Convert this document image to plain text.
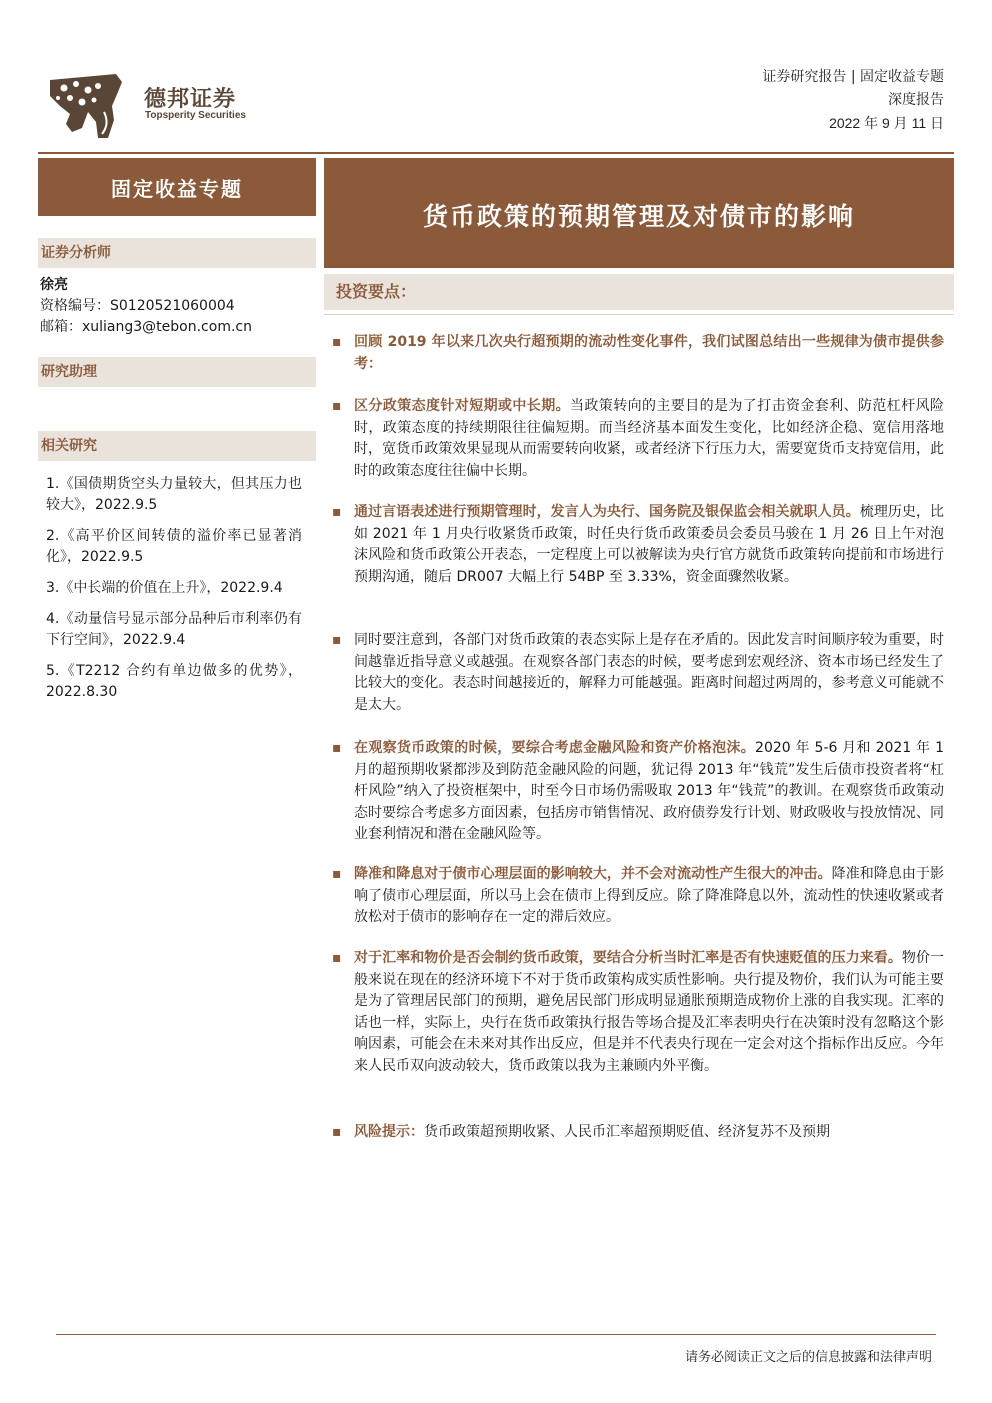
德邦证券
Topsperity Securities
证券研究报告 | 固定收益专题
深度报告
2022 年 9 月 11 日
固定收益专题
证券分析师
徐亮
资格编号：S0120521060004
邮箱：xuliang3@tebon.com.cn
研究助理
相关研究
1.《国债期货空头力量较大，但其压力也较大》，2022.9.5
2.《高平价区间转债的溢价率已显著消化》，2022.9.5
3.《中长端的价值在上升》，2022.9.4
4.《动量信号显示部分品种后市利率仍有下行空间》，2022.9.4
5.《T2212 合约有单边做多的优势》，2022.8.30
货币政策的预期管理及对债市的影响
投资要点：
▪ 回顾 2019 年以来几次央行超预期的流动性变化事件，我们试图总结出一些规律为债市提供参考：
▪ 区分政策态度针对短期或中长期。当政策转向的主要目的是为了打击资金套利、防范杠杆风险时，政策态度的持续期限往往偏短期。而当经济基本面发生变化，比如经济企稳、宽信用落地时，宽货币政策效果显现从而需要转向收紧，或者经济下行压力大，需要宽货币支持宽信用，此时的政策态度往往偏中长期。
▪ 通过言语表述进行预期管理时，发言人为央行、国务院及银保监会相关就职人员。梳理历史，比如 2021 年 1 月央行收紧货币政策，时任央行货币政策委员会委员马骏在 1 月 26 日上午对泡沫风险和货币政策公开表态，一定程度上可以被解读为央行官方就货币政策转向提前和市场进行预期沟通，随后 DR007 大幅上行 54BP 至 3.33%，资金面骤然收紧。
▪ 同时要注意到，各部门对货币政策的表态实际上是存在矛盾的。因此发言时间顺序较为重要，时间越靠近指导意义或越强。在观察各部门表态的时候，要考虑到宏观经济、资本市场已经发生了比较大的变化。表态时间越接近的，解释力可能越强。距离时间超过两周的，参考意义可能就不是太大。
▪ 在观察货币政策的时候，要综合考虑金融风险和资产价格泡沫。2020 年 5-6 月和 2021 年 1 月的超预期收紧都涉及到防范金融风险的问题，犹记得 2013 年“钱荒”发生后债市投资者将“杠杆风险”纳入了投资框架中，时至今日市场仍需吸取 2013 年“钱荒”的教训。在观察货币政策动态时要综合考虑多方面因素，包括房市销售情况、政府债券发行计划、财政吸收与投放情况、同业套利情况和潜在金融风险等。
▪ 降准和降息对于债市心理层面的影响较大，并不会对流动性产生很大的冲击。降准和降息由于影响了债市心理层面，所以马上会在债市上得到反应。除了降准降息以外，流动性的快速收紧或者放松对于债市的影响存在一定的滞后效应。
▪ 对于汇率和物价是否会制约货币政策，要结合分析当时汇率是否有快速贬值的压力来看。物价一般来说在现在的经济环境下不对于货币政策构成实质性影响。央行提及物价，我们认为可能主要是为了管理居民部门的预期，避免居民部门形成明显通胀预期造成物价上涨的自我实现。汇率的话也一样，实际上，央行在货币政策执行报告等场合提及汇率表明央行在决策时没有忽略这个影响因素，可能会在未来对其作出反应，但是并不代表央行现在一定会对这个指标作出反应。今年来人民币双向波动较大，货币政策以我为主兼顾内外平衡。
▪ 风险提示：货币政策超预期收紧、人民币汇率超预期贬值、经济复苏不及预期
请务必阅读正文之后的信息披露和法律声明
